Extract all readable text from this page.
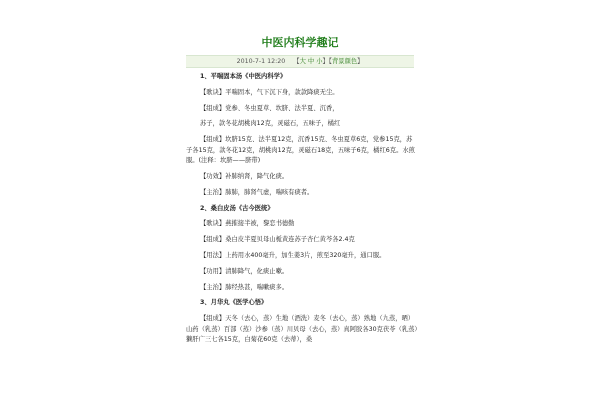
中医内科学趣记
2010-7-1 12:20 【大 中 小】【背景颜色】

1、平喘固本汤《中医内科学》

【歌诀】平喘固本，气下沉下身，款款降痰无尘。

【组成】党参、冬虫夏草、坎脐、法半夏、沉香，

苏子，款冬花胡桃肉12克，灵磁石，五味子，橘红

【组成】坎脐15克、法半夏12克，沉香15克、冬虫夏草6克，党参15克，苏子各15克，款冬花12克，胡桃肉12克，灵磁石18克，五味子6克，橘红6克。水煎服。(注释：坎脐——脐带)

【功效】补肺纳肾，降气化痰。

【主治】肺肺，肺肾气虚，喘咳有痰者。

2、桑白皮汤《古今医统》

【歌诀】燕摧接半被，黎恋书德勤

【组成】桑白皮半夏贝母山栀黄连苏子杏仁黄芩各2.4克

【用法】上药用水400毫升，加生姜3片，煎至320毫升，通口服。

【功用】清肺降气，化痰止嗽。

【主治】肺经热甚，喘嗽痰多。

3、月华丸《医学心悟》

【组成】天冬（去心，蒸）生地（酒洗）麦冬（去心，蒸）熟地（九蒸，晒）山药（乳蒸）百部（蒸）沙参（蒸）川贝母（去心，蒸）真阿胶各30克茯苓（乳蒸）獭肝广三七各15克，白菊花60克（去蒂），桑
